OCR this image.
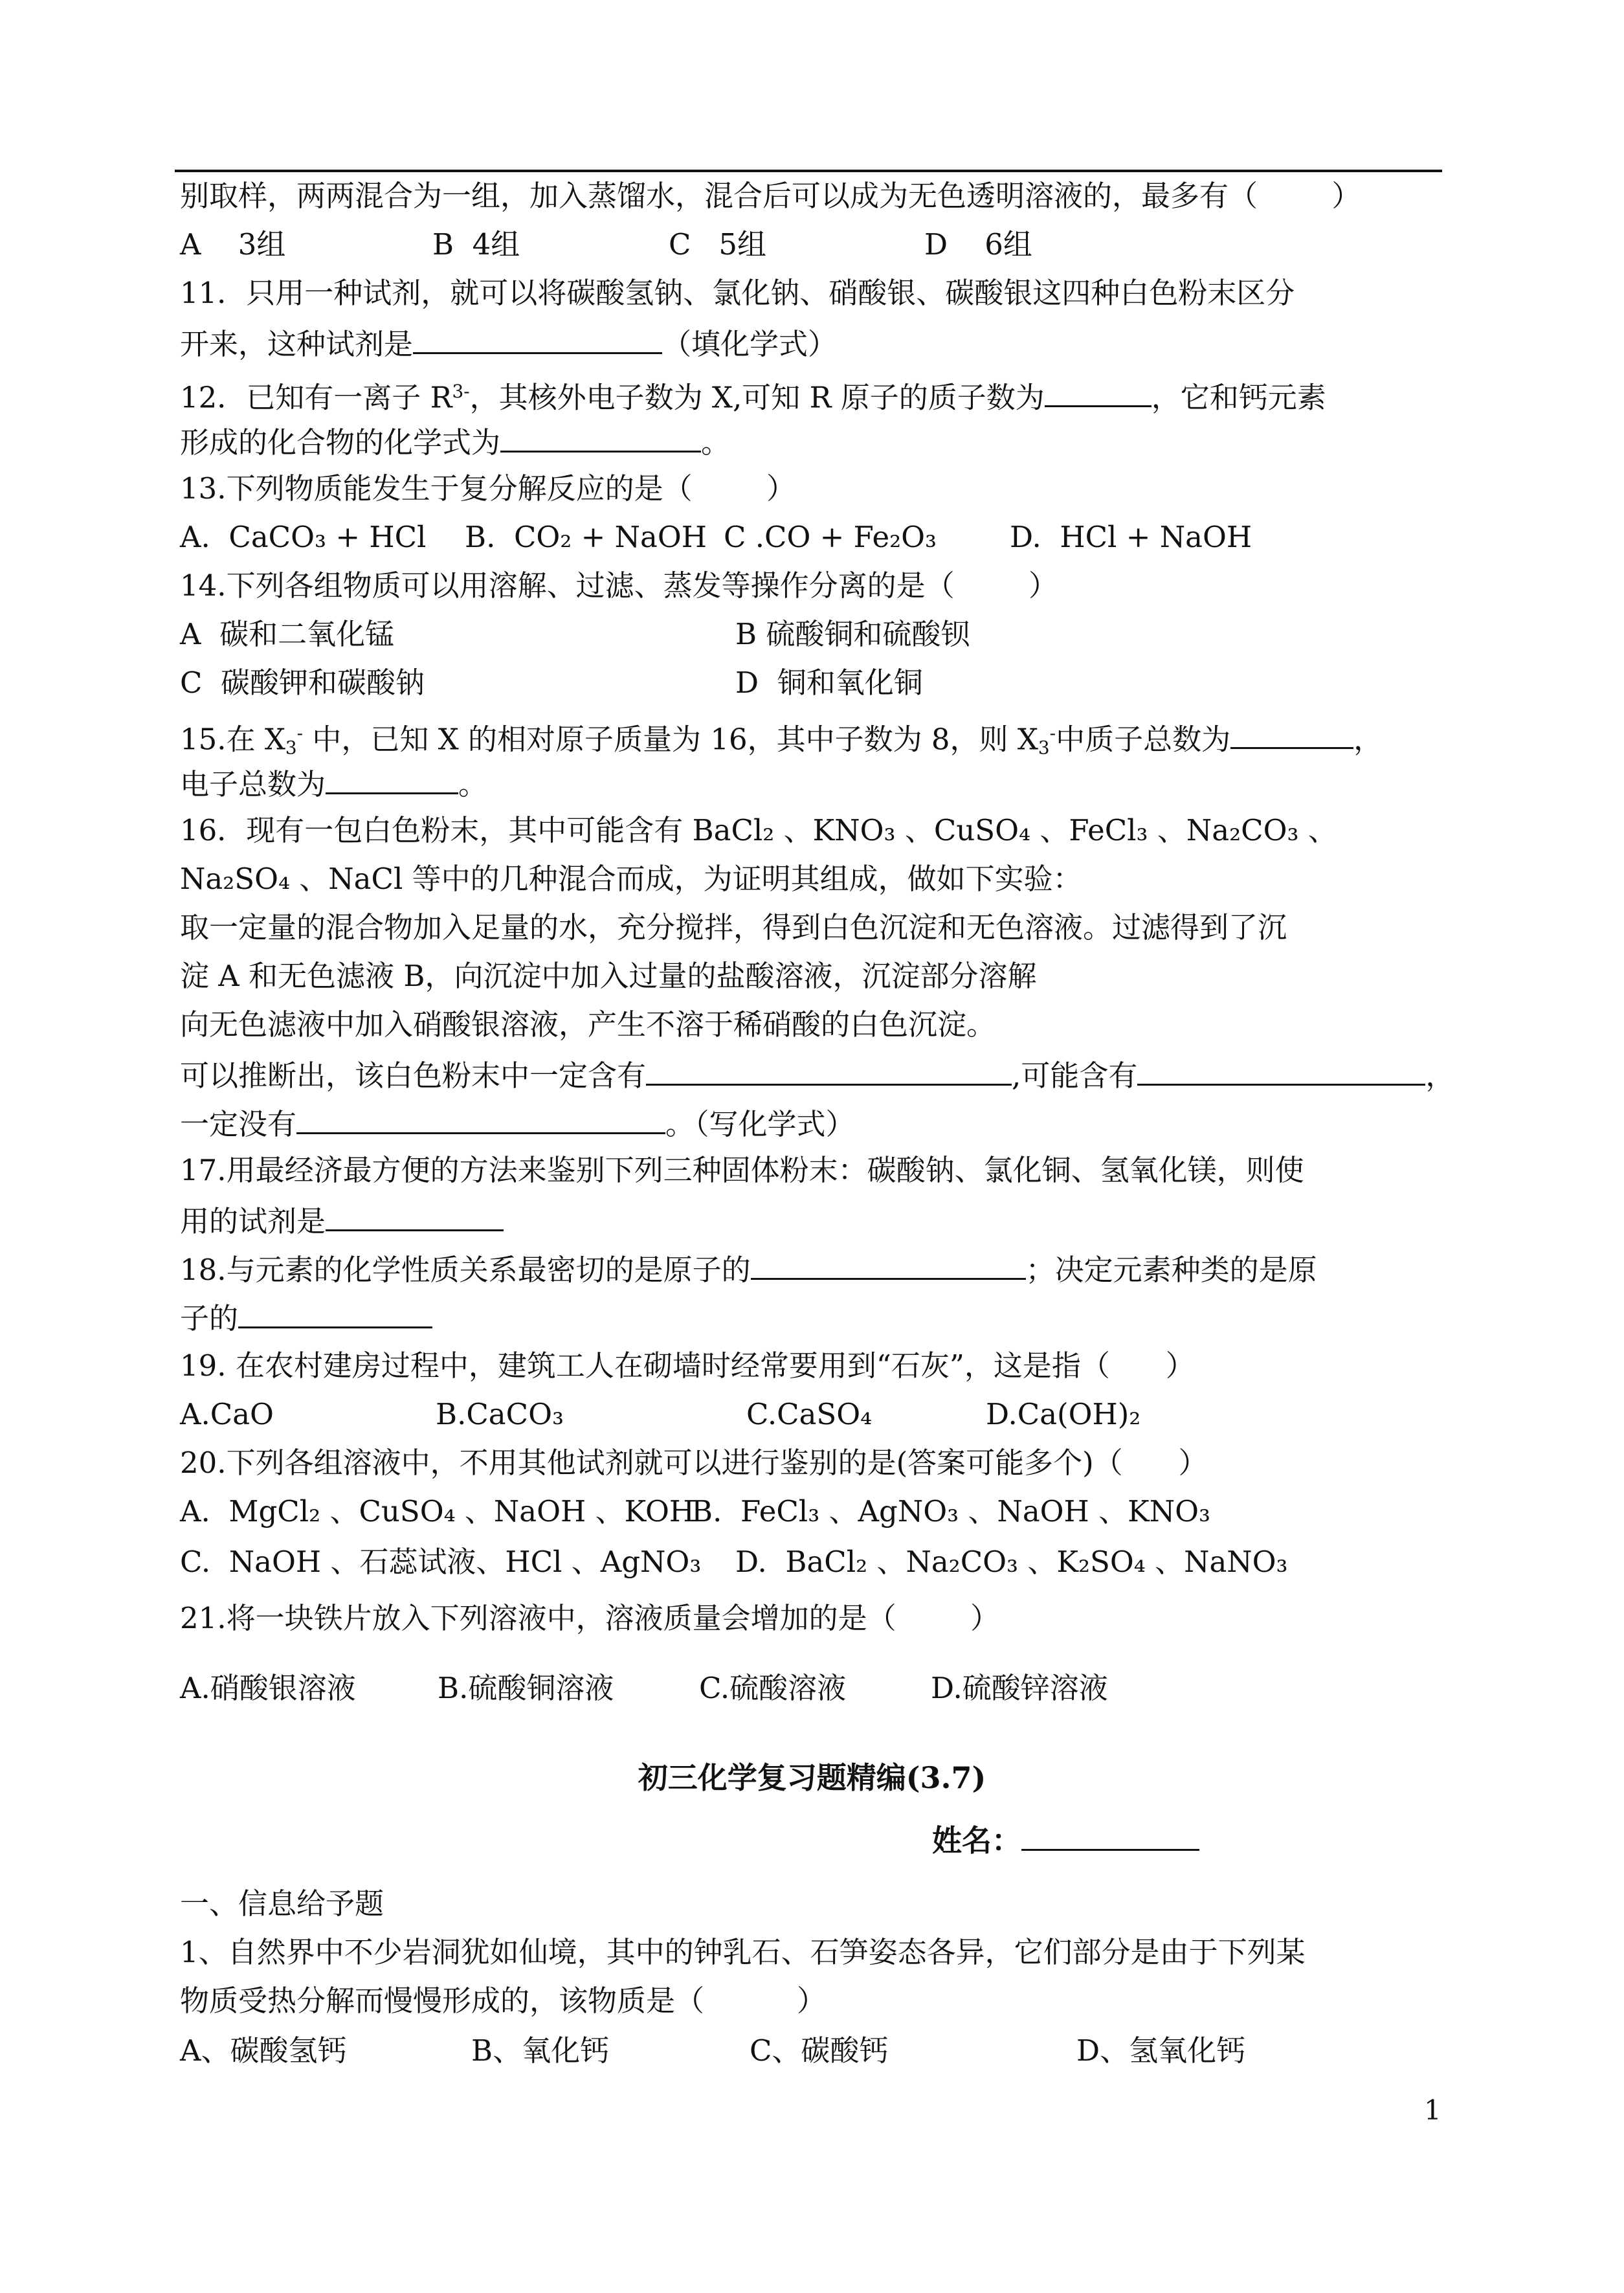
别取样，两两混合为一组，加入蒸馏水，混合后可以成为无色透明溶液的，最多有（        ）

A    3组

	B  4组

	C   5组

	D    6组

11．只用一种试剂，就可以将碳酸氢钠、氯化钠、硝酸银、碳酸银这四种白色粉末区分
开来，这种试剂是	（填化学式）
12．已知有一离子 $R^{3-}$，其核外电子数为 X,可知 R 原子的质子数为	，它和钙元素
形成的化合物的化学式为	。
13.下列物质能发生于复分解反应的是（        ）

A.  CaCO₃ + HCl

B.  CO₂ + NaOH

C .CO + Fe₂O₃

	D.  HCl + NaOH

14.下列各组物质可以用溶解、过滤、蒸发等操作分离的是（        ）

A  碳和二氧化锰

	B 硫酸铜和硫酸钡

C  碳酸钾和碳酸钠

	D  铜和氧化铜

15.在 $X_3^-$ 中，已知 X 的相对原子质量为 16，其中子数为 8，则 $X_3^-$中质子总数为	，
电子总数为	。
16．现有一包白色粉末，其中可能含有 BaCl₂ 、KNO₃ 、CuSO₄ 、FeCl₃ 、Na₂CO₃ 、
Na₂SO₄ 、NaCl 等中的几种混合而成，为证明其组成，做如下实验：
取一定量的混合物加入足量的水，充分搅拌，得到白色沉淀和无色溶液。过滤得到了沉
淀 A 和无色滤液 B，向沉淀中加入过量的盐酸溶液，沉淀部分溶解
向无色滤液中加入硝酸银溶液，产生不溶于稀硝酸的白色沉淀。
可以推断出，该白色粉末中一定含有	,可能含有	，
一定没有	。（写化学式）
17.用最经济最方便的方法来鉴别下列三种固体粉末：碳酸钠、氯化铜、氢氧化镁，则使
用的试剂是
18.与元素的化学性质关系最密切的是原子的	；决定元素种类的是原
子的
19. 在农村建房过程中，建筑工人在砌墙时经常要用到“石灰”，这是指（      ）

A.CaO

	B.CaCO₃

	C.CaSO₄

	D.Ca(OH)₂

20.下列各组溶液中，不用其他试剂就可以进行鉴别的是(答案可能多个)（      ）

A.  MgCl₂ 、CuSO₄ 、NaOH 、KOH

B.  FeCl₃ 、AgNO₃ 、NaOH 、KNO₃

C.  NaOH 、石蕊试液、HCl 、AgNO₃

D.  BaCl₂ 、Na₂CO₃ 、K₂SO₄ 、NaNO₃

21.将一块铁片放入下列溶液中，溶液质量会增加的是（        ）

A.硝酸银溶液

	B.硫酸铜溶液

	C.硫酸溶液

	D.硫酸锌溶液

初三化学复习题精编(3.7)
姓名：
一、信息给予题
1、自然界中不少岩洞犹如仙境，其中的钟乳石、石笋姿态各异，它们部分是由于下列某
物质受热分解而慢慢形成的，该物质是（          ）

A、碳酸氢钙

	B、氧化钙

	C、碳酸钙

	D、氢氧化钙

1
